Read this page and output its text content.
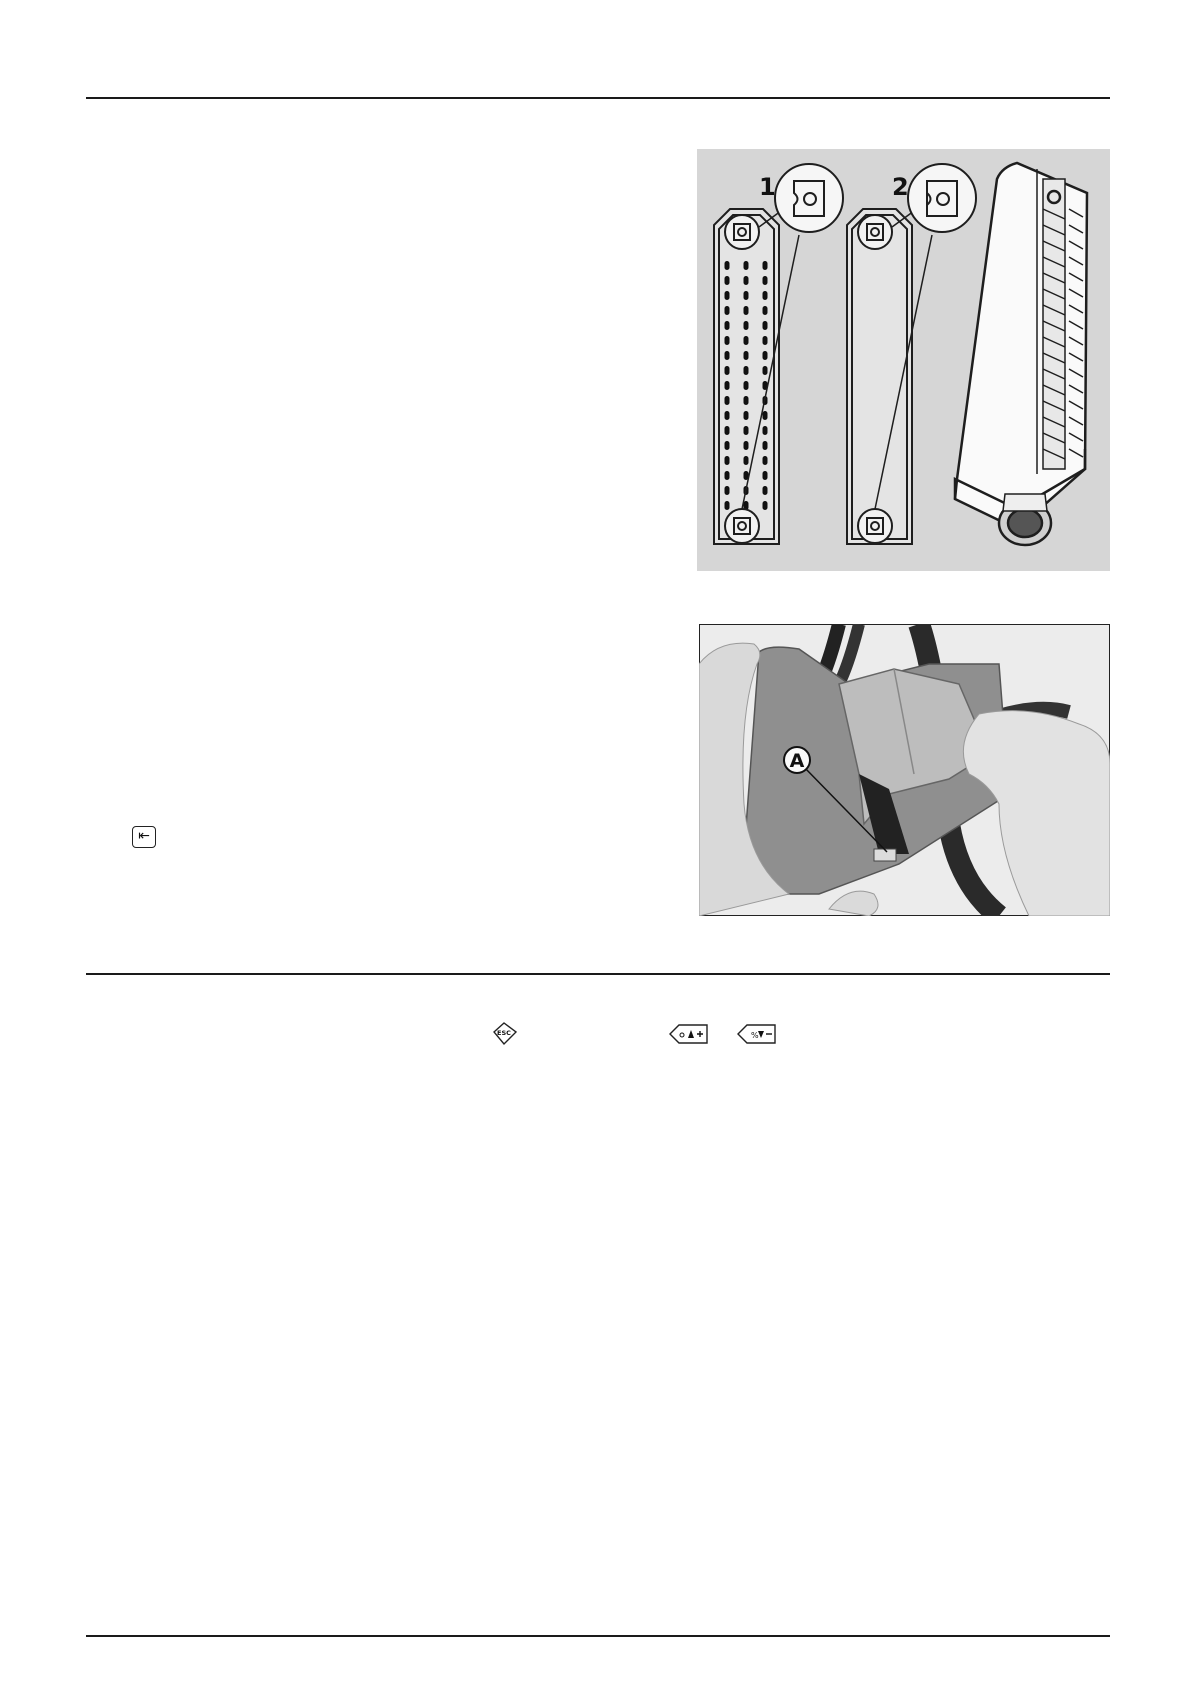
1	2
A
⇤
ESC	%
